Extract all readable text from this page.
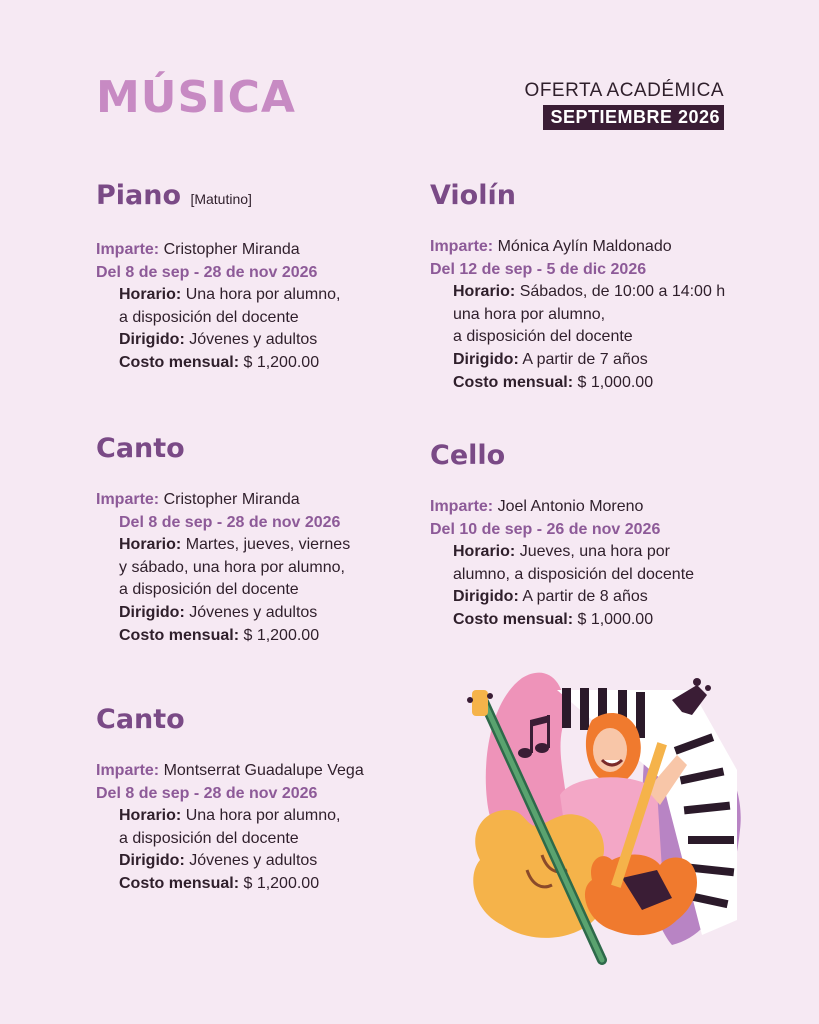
MÚSICA	OFERTA ACADÉMICA
SEPTIEMBRE 2026
Piano [Matutino]
Imparte: Cristopher Miranda
Del 8 de sep - 28 de nov 2026
Horario: Una hora por alumno,
a disposición del docente
Dirigido: Jóvenes y adultos
Costo mensual: $ 1,200.00
Violín
Imparte: Mónica Aylín Maldonado
Del 12 de sep - 5 de dic 2026
Horario: Sábados, de 10:00 a 14:00 h
una hora por alumno,
a disposición del docente
Dirigido: A partir de 7 años
Costo mensual: $ 1,000.00
Canto
Imparte: Cristopher Miranda
Del 8 de sep - 28 de nov 2026
Horario: Martes, jueves, viernes
y sábado, una hora por alumno,
a disposición del docente
Dirigido: Jóvenes y adultos
Costo mensual: $ 1,200.00
Cello
Imparte: Joel Antonio Moreno
Del 10 de sep - 26 de nov 2026
Horario: Jueves, una hora por
alumno, a disposición del docente
Dirigido: A partir de 8 años
Costo mensual: $ 1,000.00
Canto
Imparte: Montserrat Guadalupe Vega
Del 8 de sep - 28 de nov 2026
Horario: Una hora por alumno,
a disposición del docente
Dirigido: Jóvenes y adultos
Costo mensual: $ 1,200.00
